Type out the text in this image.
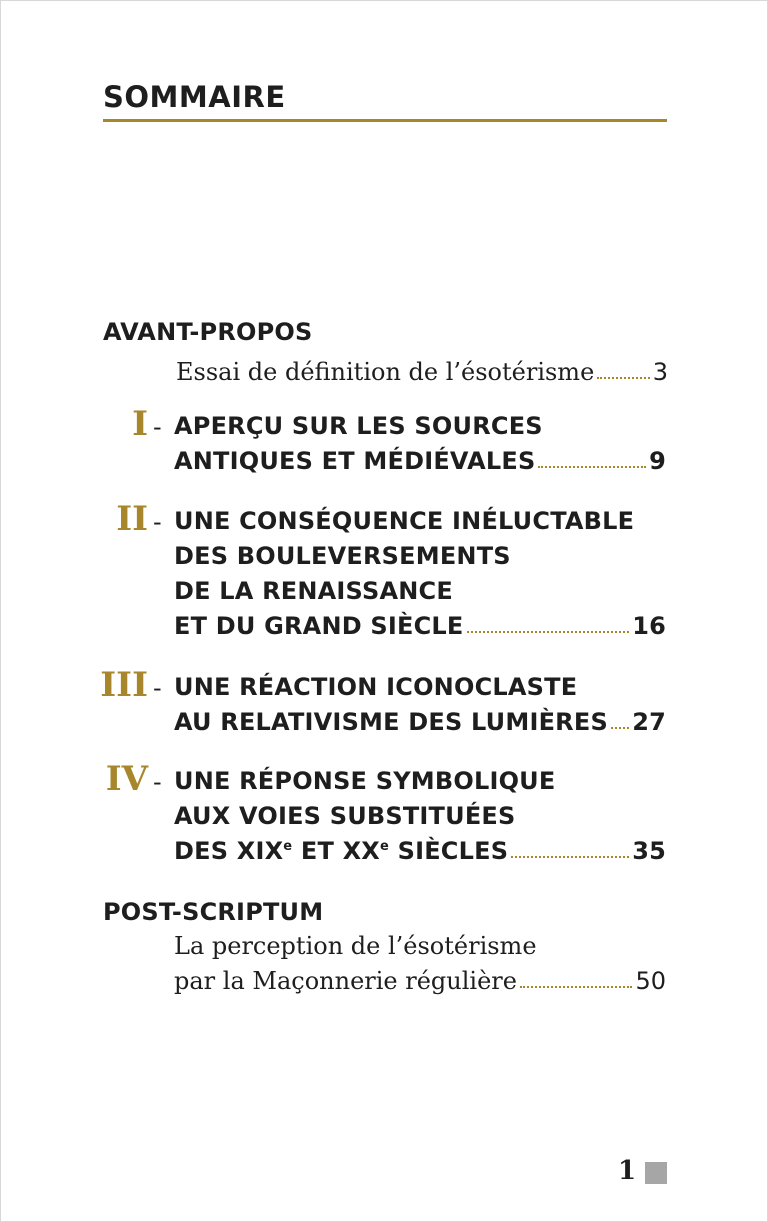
SOMMAIRE
AVANT-PROPOS
Essai de définition de l’ésotérisme 3
I - APERÇU SUR LES SOURCES
ANTIQUES ET MÉDIÉVALES	9
II - UNE CONSÉQUENCE INÉLUCTABLE
DES BOULEVERSEMENTS
DE LA RENAISSANCE
ET DU GRAND SIÈCLE	16
III - UNE RÉACTION ICONOCLASTE
AU RELATIVISME DES LUMIÈRES 27
IV - UNE RÉPONSE SYMBOLIQUE
AUX VOIES SUBSTITUÉES
DES XIXe ET XXe SIÈCLES	35
POST-SCRIPTUM
La perception de l’ésotérisme
par la Maçonnerie régulière	50
1
